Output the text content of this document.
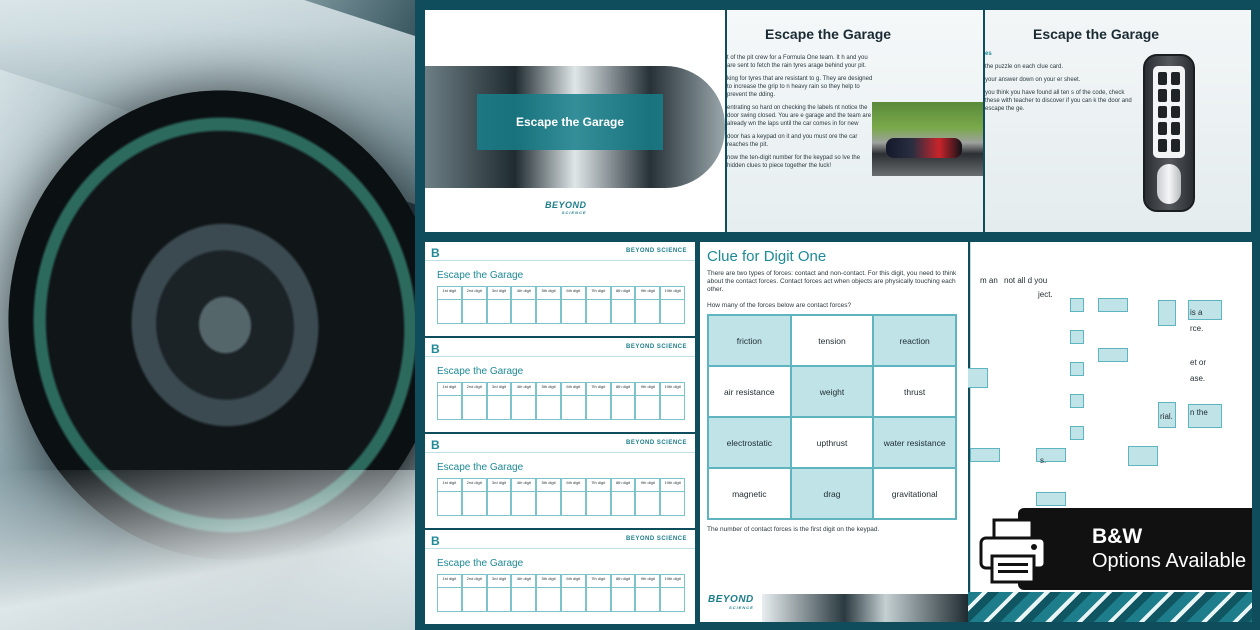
Escape the Garage
BEYOND
SCIENCE
Escape the Garage

t of the pit crew for a Formula One team. It h and you are sent to fetch the rain tyres arage behind your pit.

king for tyres that are resistant to g. They are designed to increase the grip to n heavy rain so they help to prevent the dding.

entrating so hard on checking the labels nt notice the door swing closed. You are e garage and the team are already wn the laps until the car comes in for new

door has a keypad on it and you must ore the car reaches the pit.

now the ten-digit number for the keypad so lve the hidden clues to piece together the luck!

Escape the Garage

es

the puzzle on each clue card.

your answer down on your er sheet.

you think you have found all ten s of the code, check these with teacher to discover if you can k the door and escape the ge.

B	BEYOND SCIENCE
Escape the Garage
1st digit	2nd digit	3rd digit	4th digit	5th digit	6th digit	7th digit	8th digit	9th digit	10th digit
B	BEYOND SCIENCE
Escape the Garage
1st digit	2nd digit	3rd digit	4th digit	5th digit	6th digit	7th digit	8th digit	9th digit	10th digit
B	BEYOND SCIENCE
Escape the Garage
1st digit	2nd digit	3rd digit	4th digit	5th digit	6th digit	7th digit	8th digit	9th digit	10th digit
B	BEYOND SCIENCE
Escape the Garage
1st digit	2nd digit	3rd digit	4th digit	5th digit	6th digit	7th digit	8th digit	9th digit	10th digit
m an not all d you
ject.
is a
rce.
et or
ase.
rial. n the
s.
Clue for Digit One
There are two types of forces: contact and non-contact. For this digit, you need to think about the contact forces. Contact forces act when objects are physically touching each other.
How many of the forces below are contact forces?
friction	tension	reaction
air resistance	weight	thrust
electrostatic	upthrust	water resistance
magnetic	drag	gravitational
The number of contact forces is the first digit on the keypad.
BEYOND
SCIENCE
B&W
Options Available
